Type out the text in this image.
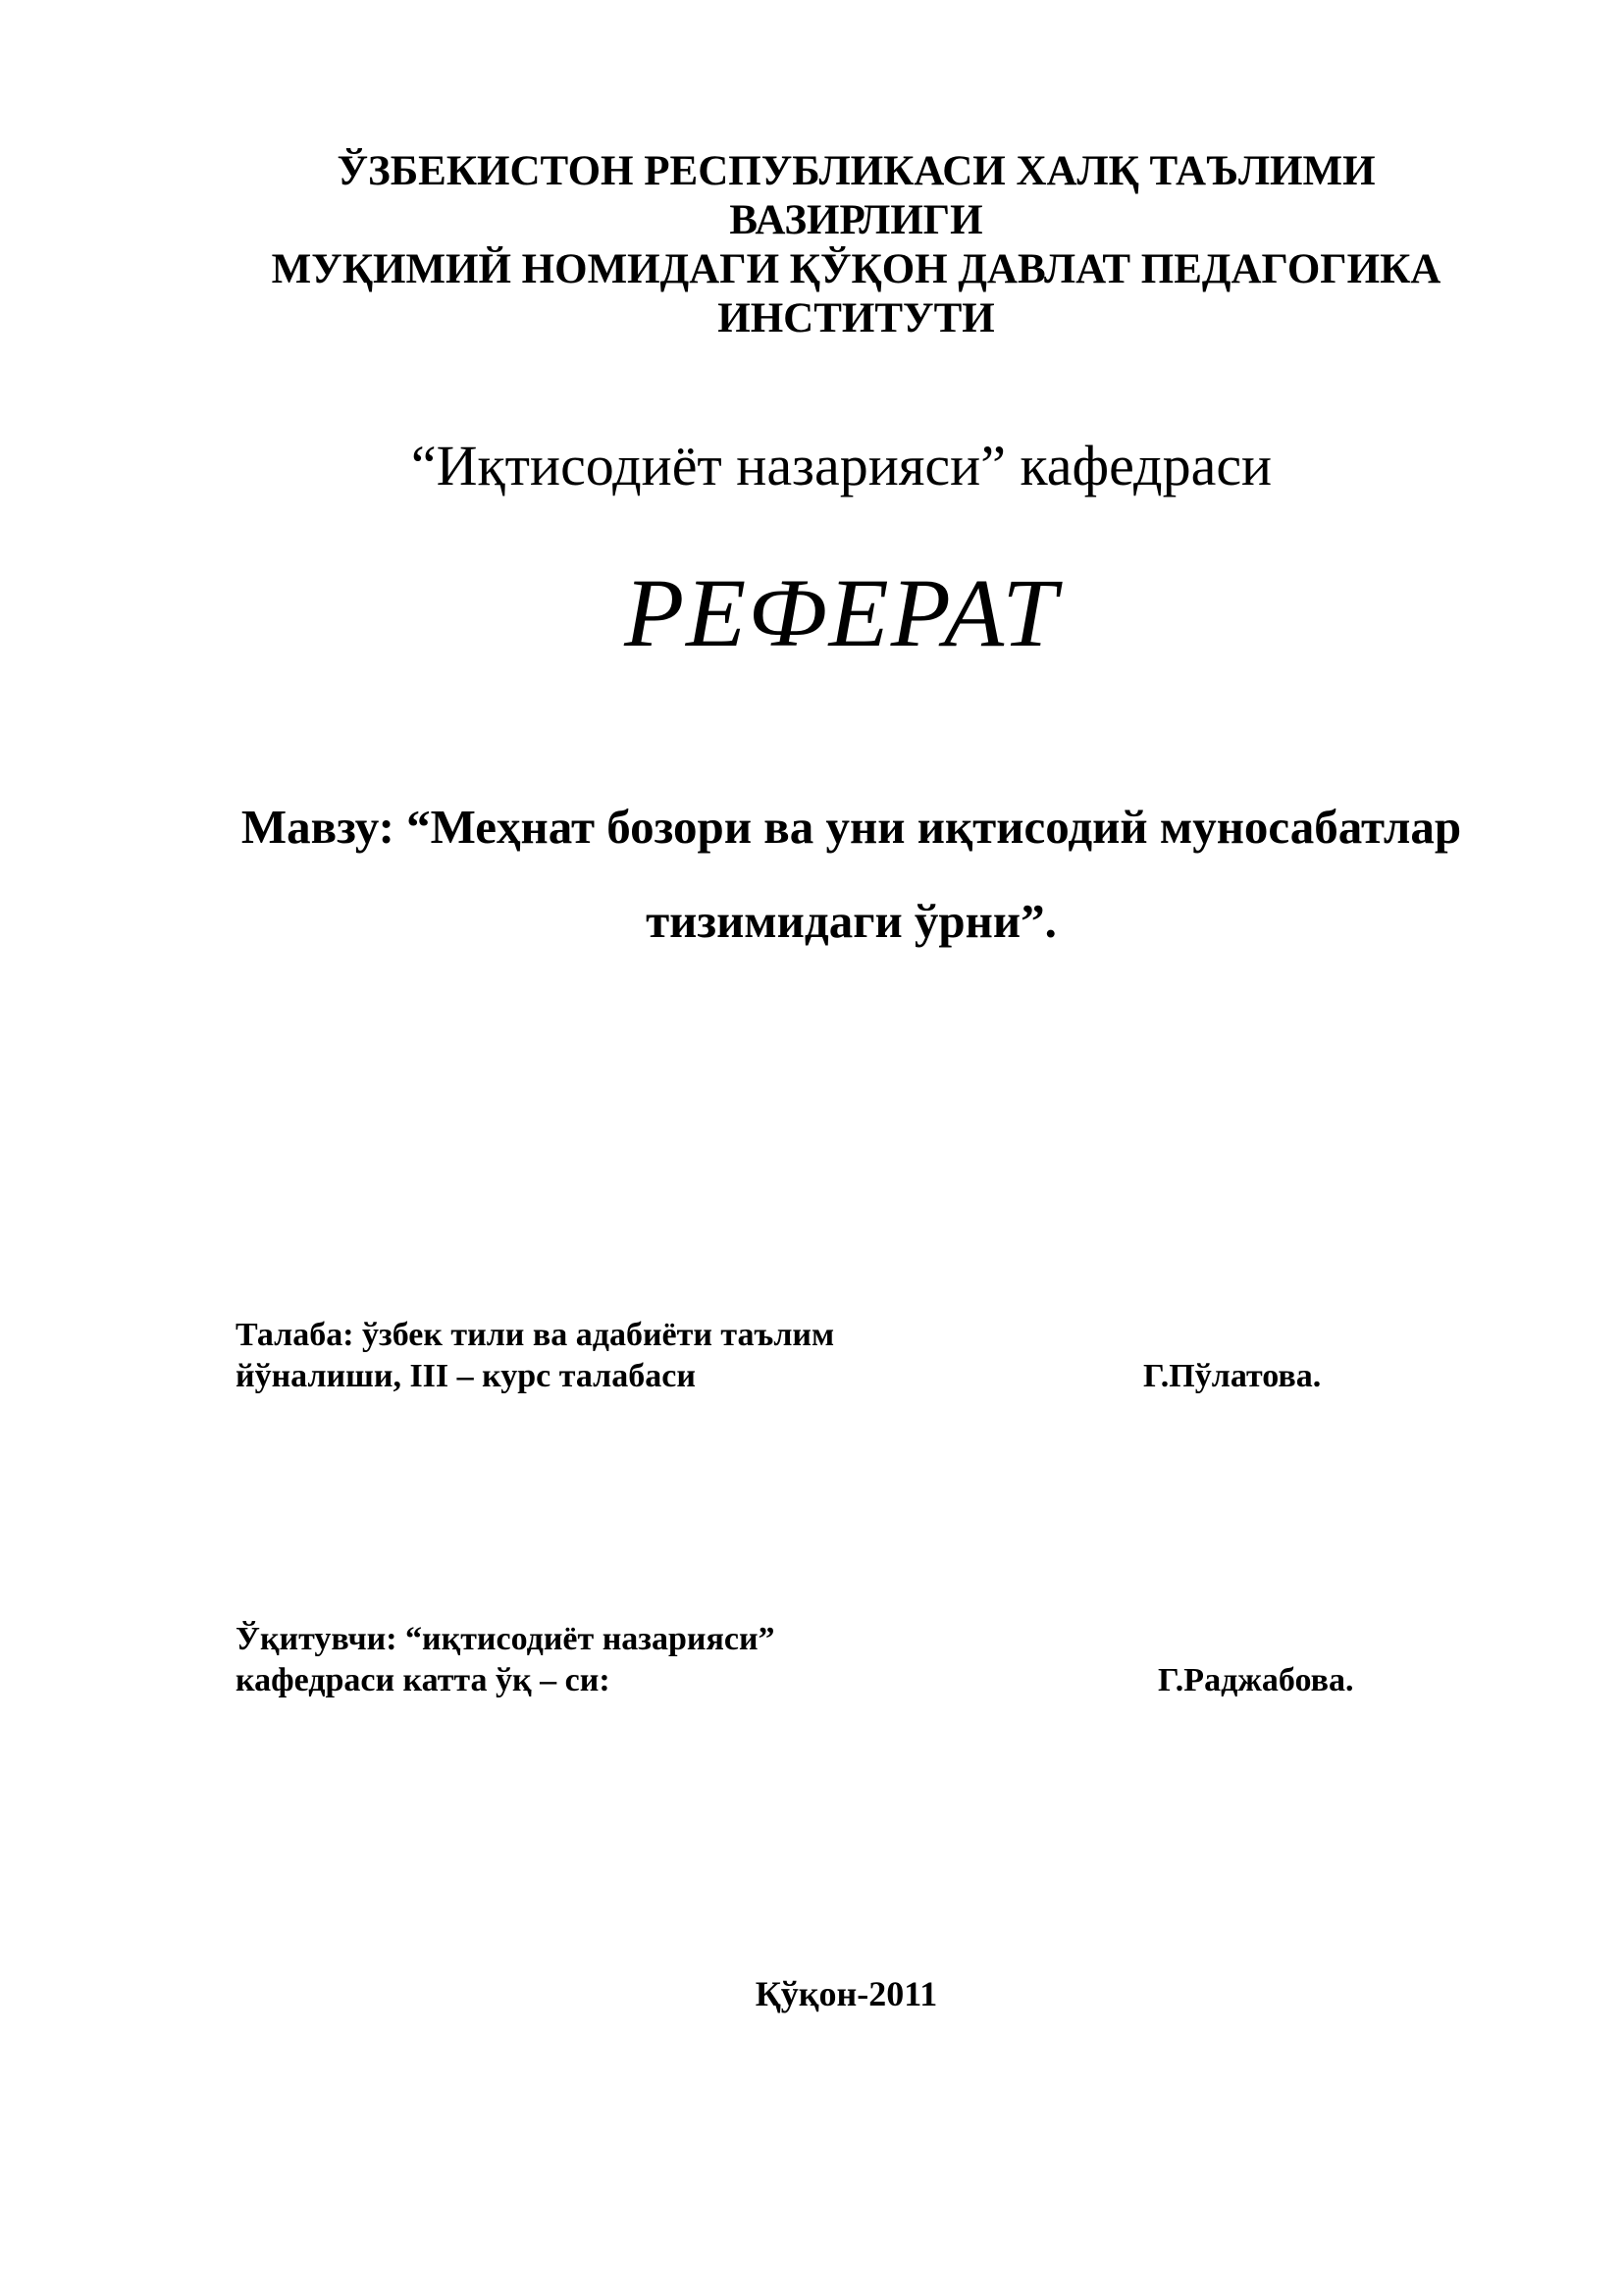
ЎЗБЕКИСТОН РЕСПУБЛИКАСИ ХАЛҚ ТАЪЛИМИ
ВАЗИРЛИГИ
МУҚИМИЙ НОМИДАГИ ҚЎҚОН ДАВЛАТ ПЕДАГОГИКА
ИНСТИТУТИ
“Иқтисодиёт назарияси” кафедраси
РЕФЕРАТ
Мавзу: “Меҳнат бозори ва уни иқтисодий муносабатлар
тизимидаги ўрни”.
Талаба: ўзбек тили ва адабиёти таълим
йўналиши, III – курс талабаси	Г.Пўлатова.
Ўқитувчи: “иқтисодиёт назарияси”
кафедраси катта ўқ – си:	Г.Раджабова.
Қўқон-2011
